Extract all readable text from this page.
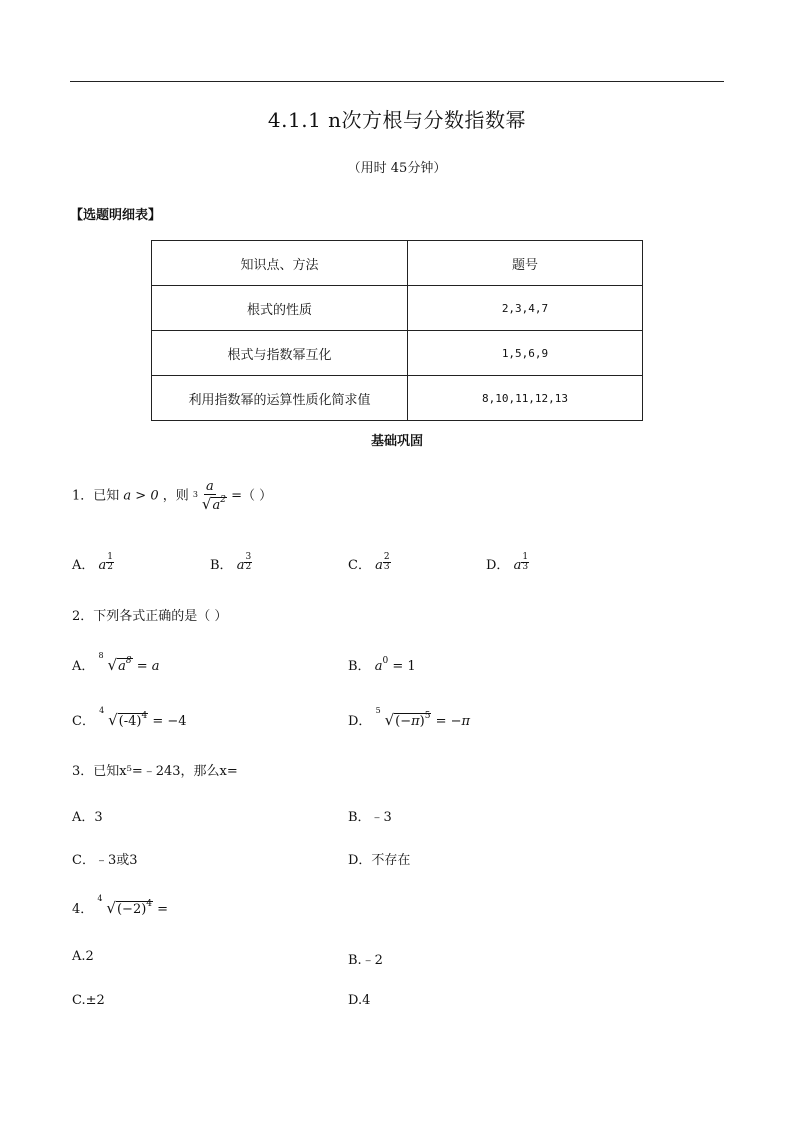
4.1.1 n次方根与分数指数幂
（用时 45分钟）
【选题明细表】
知识点、方法	题号
根式的性质	2,3,4,7
根式与指数幂互化	1,5,6,9
利用指数幂的运算性质化简求值	8,10,11,12,13
基础巩固
1．已知 a > 0 ，则 a
3
$√a^2$ =（ ）
A． a $\frac{1}{2}$	B． a $\frac{3}{2}$	C． a $\frac{2}{3}$	D． a $\frac{1}{3}$
2．下列各式正确的是（ ）
A．
8
$√a^8 = a$	B． $a^0 = 1$
C．
4
$√(-4)^4 = -4$	D．
5
$√(-\pi)^5 = -\pi$
3．已知x⁵=﹣243，那么x=
A．3	B．﹣3
C．﹣3或3	D．不存在
4．
4
$√(-2)^4$ =
A.2	B.﹣2
C.±2	D.4
